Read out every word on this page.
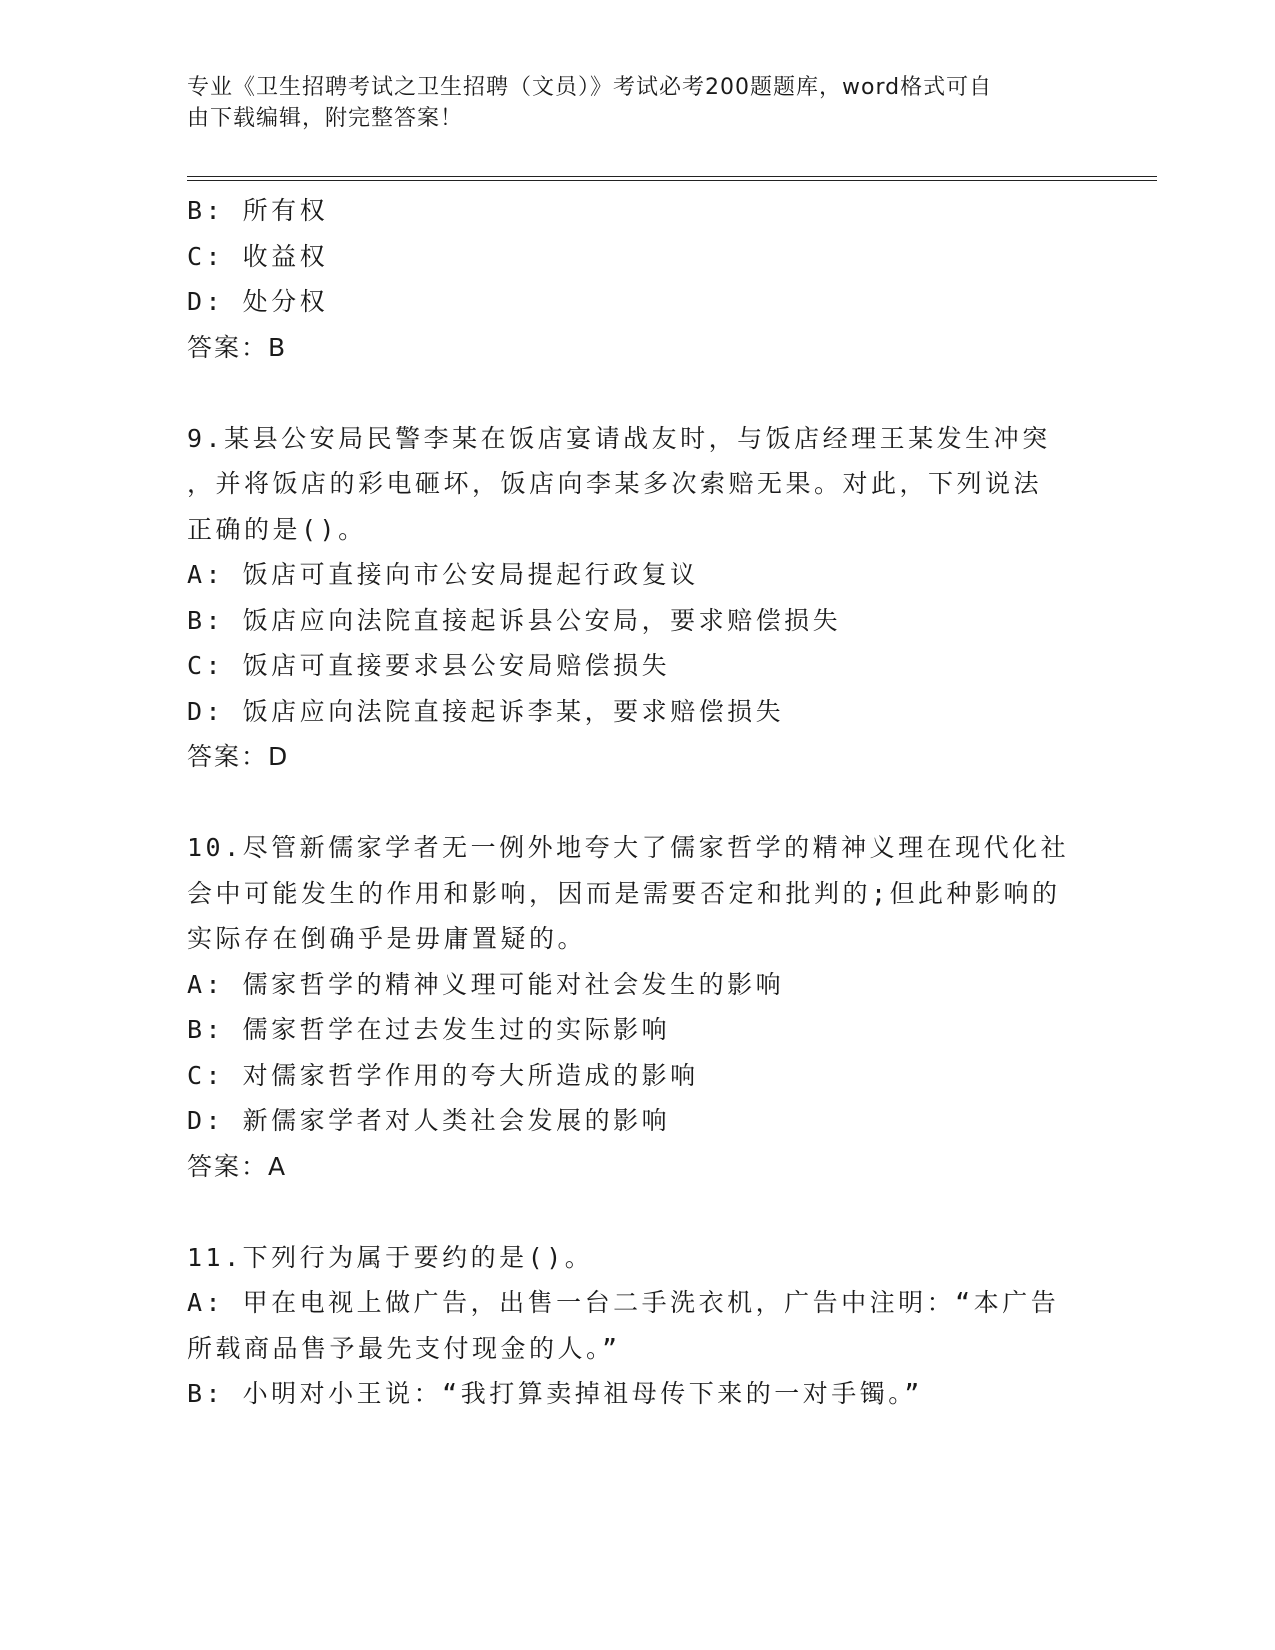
专业《卫生招聘考试之卫生招聘（文员）》考试必考200题题库，word格式可自
由下载编辑，附完整答案！
B: 所有权
C: 收益权
D: 处分权
答案：B
9.某县公安局民警李某在饭店宴请战友时，与饭店经理王某发生冲突
，并将饭店的彩电砸坏，饭店向李某多次索赔无果。对此，下列说法
正确的是()。
A: 饭店可直接向市公安局提起行政复议
B: 饭店应向法院直接起诉县公安局，要求赔偿损失
C: 饭店可直接要求县公安局赔偿损失
D: 饭店应向法院直接起诉李某，要求赔偿损失
答案：D
10.尽管新儒家学者无一例外地夸大了儒家哲学的精神义理在现代化社
会中可能发生的作用和影响，因而是需要否定和批判的;但此种影响的
实际存在倒确乎是毋庸置疑的。
A: 儒家哲学的精神义理可能对社会发生的影响
B: 儒家哲学在过去发生过的实际影响
C: 对儒家哲学作用的夸大所造成的影响
D: 新儒家学者对人类社会发展的影响
答案：A
11.下列行为属于要约的是()。
A: 甲在电视上做广告，出售一台二手洗衣机，广告中注明：“本广告
所载商品售予最先支付现金的人。”
B: 小明对小王说：“我打算卖掉祖母传下来的一对手镯。”
